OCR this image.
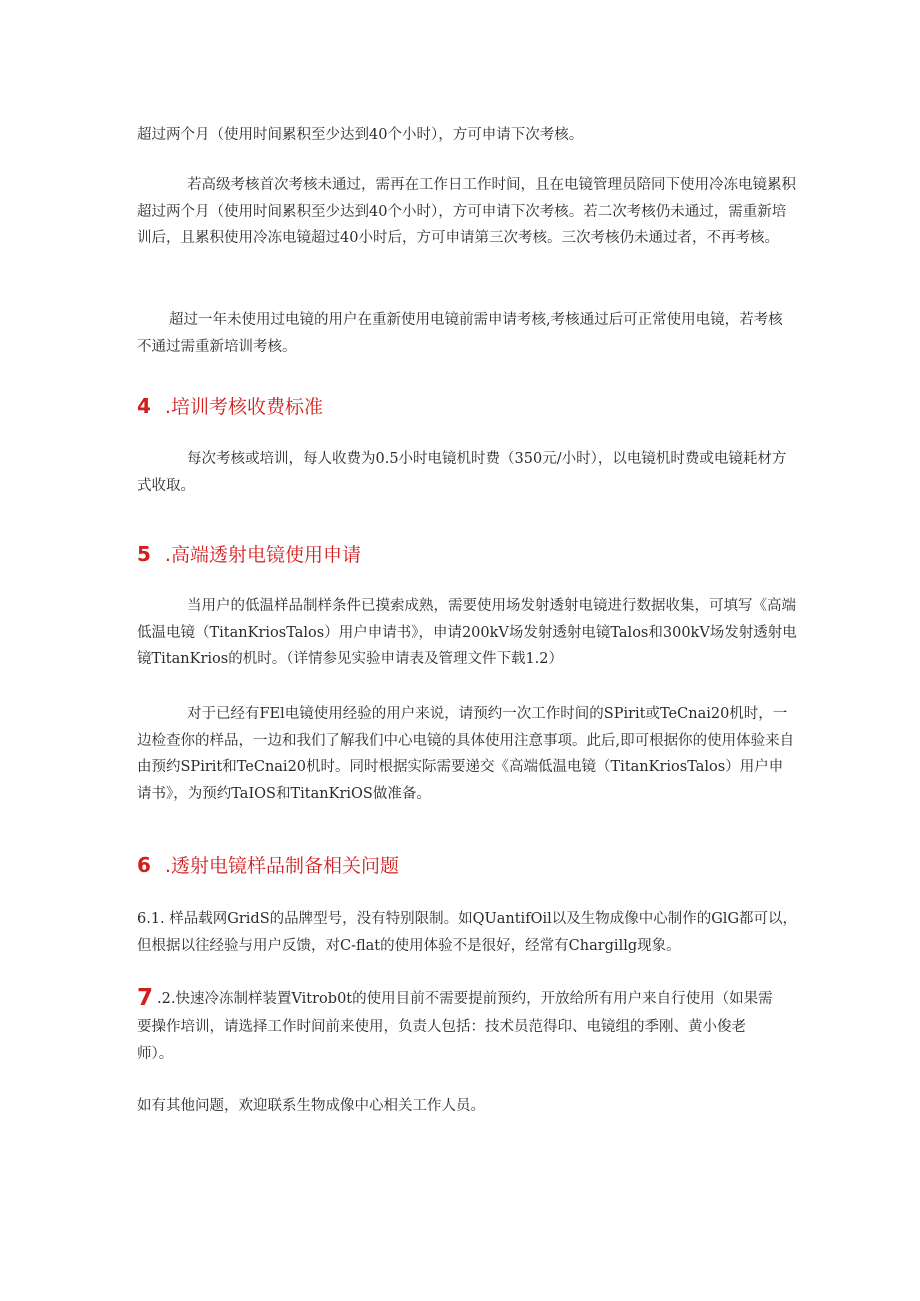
超过两个月（使用时间累积至少达到40个小时），方可申请下次考核。

若高级考核首次考核未通过，需再在工作日工作时间，且在电镜管理员陪同下使用冷冻电镜累积超过两个月（使用时间累积至少达到40个小时），方可申请下次考核。若二次考核仍未通过，需重新培训后，且累积使用冷冻电镜超过40小时后，方可申请第三次考核。三次考核仍未通过者，不再考核。

超过一年未使用过电镜的用户在重新使用电镜前需申请考核,考核通过后可正常使用电镜，若考核不通过需重新培训考核。

4 .培训考核收费标准

每次考核或培训，每人收费为0.5小时电镜机时费（350元/小时），以电镜机时费或电镜耗材方式收取。

5 .高端透射电镜使用申请

当用户的低温样品制样条件已摸索成熟，需要使用场发射透射电镜进行数据收集，可填写《高端低温电镜（TitanKriosTalos）用户申请书》，申请200kV场发射透射电镜Talos和300kV场发射透射电镜TitanKrios的机时。（详情参见实验申请表及管理文件下载1.2）

对于已经有FEl电镜使用经验的用户来说，请预约一次工作时间的SPirit或TeCnai20机时，一边检查你的样品，一边和我们了解我们中心电镜的具体使用注意事项。此后,即可根据你的使用体验来自由预约SPirit和TeCnai20机时。同时根据实际需要递交《高端低温电镜（TitanKriosTalos）用户申请书》，为预约TaIOS和TitanKriOS做准备。

6 .透射电镜样品制备相关问题

6.1. 样品载网GridS的品牌型号，没有特别限制。如QUantifOil以及生物成像中心制作的GlG都可以，但根据以往经验与用户反馈，对C-flat的使用体验不是很好，经常有Chargillg现象。

7 .2.快速冷冻制样装置Vitrob0t的使用目前不需要提前预约，开放给所有用户来自行使用（如果需要操作培训，请选择工作时间前来使用，负责人包括：技术员范得印、电镜组的季刚、黄小俊老师）。

如有其他问题，欢迎联系生物成像中心相关工作人员。
